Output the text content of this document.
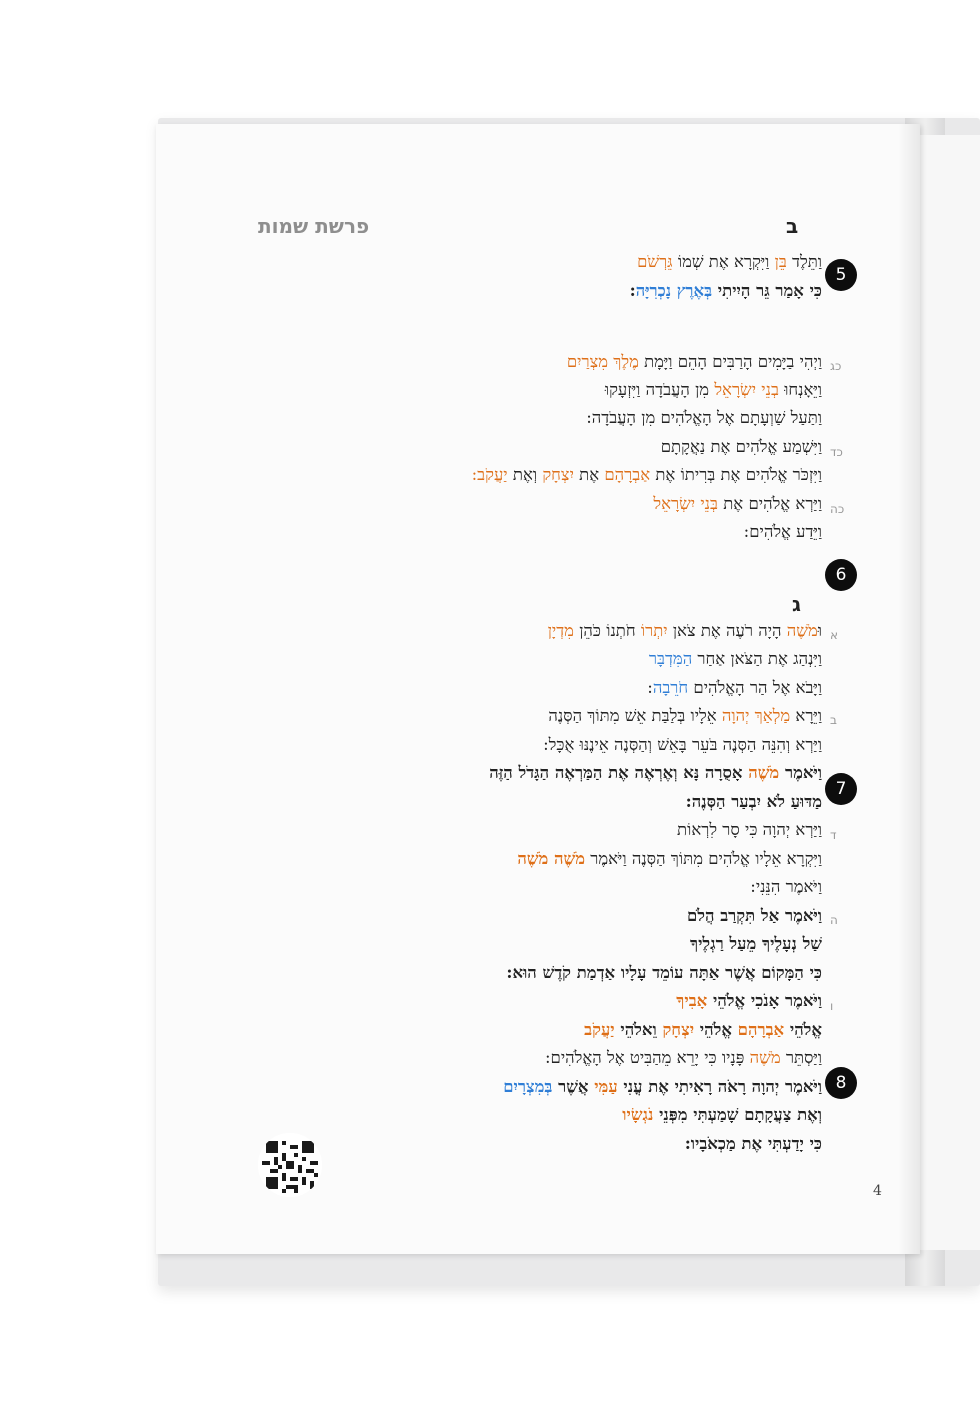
פרשת שמות	ב
5
6
7
8
כג
כד
כה
א
ב
ד
ה
ו
וַתֵּלֶד בֵּן וַיִּקְרָא אֶת שְׁמוֹ גֵּרְשֹׁם
כִּי אָמַר גֵּר הָיִיתִי בְּאֶרֶץ נָכְרִיָּה:
וַיְהִי בַיָּמִים הָרַבִּים הָהֵם וַיָּמָת מֶלֶךְ מִצְרַיִם
וַיֵּאָנְחוּ בְנֵי יִשְׂרָאֵל מִן הָעֲבֹדָה וַיִּזְעָקוּ
וַתַּעַל שַׁוְעָתָם אֶל הָאֱלֹהִים מִן הָעֲבֹדָה:
וַיִּשְׁמַע אֱלֹהִים אֶת נַאֲקָתָם
וַיִּזְכֹּר אֱלֹהִים אֶת בְּרִיתוֹ אֶת אַבְרָהָם אֶת יִצְחָק וְאֶת יַעֲקֹב:
וַיַּרְא אֱלֹהִים אֶת בְּנֵי יִשְׂרָאֵל
וַיֵּדַע אֱלֹהִים:
ג
וּמֹשֶׁה הָיָה רֹעֶה אֶת צֹאן יִתְרוֹ חֹתְנוֹ כֹּהֵן מִדְיָן
וַיִּנְהַג אֶת הַצֹּאן אַחַר הַמִּדְבָּר
וַיָּבֹא אֶל הַר הָאֱלֹהִים חֹרֵבָה:
וַיֵּרָא מַלְאַךְ יְהוָה אֵלָיו בְּלַבַּת אֵשׁ מִתּוֹךְ הַסְּנֶה
וַיַּרְא וְהִנֵּה הַסְּנֶה בֹּעֵר בָּאֵשׁ וְהַסְּנֶה אֵינֶנּוּ אֻכָּל:
וַיֹּאמֶר מֹשֶׁה אָסֻרָה נָּא וְאֶרְאֶה אֶת הַמַּרְאֶה הַגָּדֹל הַזֶּה
מַדּוּעַ לֹא יִבְעַר הַסְּנֶה:
וַיַּרְא יְהוָה כִּי סָר לִרְאוֹת
וַיִּקְרָא אֵלָיו אֱלֹהִים מִתּוֹךְ הַסְּנֶה וַיֹּאמֶר מֹשֶׁה מֹשֶׁה
וַיֹּאמֶר הִנֵּנִי:
וַיֹּאמֶר אַל תִּקְרַב הֲלֹם
שַׁל נְעָלֶיךָ מֵעַל רַגְלֶיךָ
כִּי הַמָּקוֹם אֲשֶׁר אַתָּה עוֹמֵד עָלָיו אַדְמַת קֹדֶשׁ הוּא:
וַיֹּאמֶר אָנֹכִי אֱלֹהֵי אָבִיךָ
אֱלֹהֵי אַבְרָהָם אֱלֹהֵי יִצְחָק וֵאלֹהֵי יַעֲקֹב
וַיַּסְתֵּר מֹשֶׁה פָּנָיו כִּי יָרֵא מֵהַבִּיט אֶל הָאֱלֹהִים:
וַיֹּאמֶר יְהוָה רָאֹה רָאִיתִי אֶת עֳנִי עַמִּי אֲשֶׁר בְּמִצְרָיִם
וְאֶת צַעֲקָתָם שָׁמַעְתִּי מִפְּנֵי נֹגְשָׂיו
כִּי יָדַעְתִּי אֶת מַכְאֹבָיו:
4
